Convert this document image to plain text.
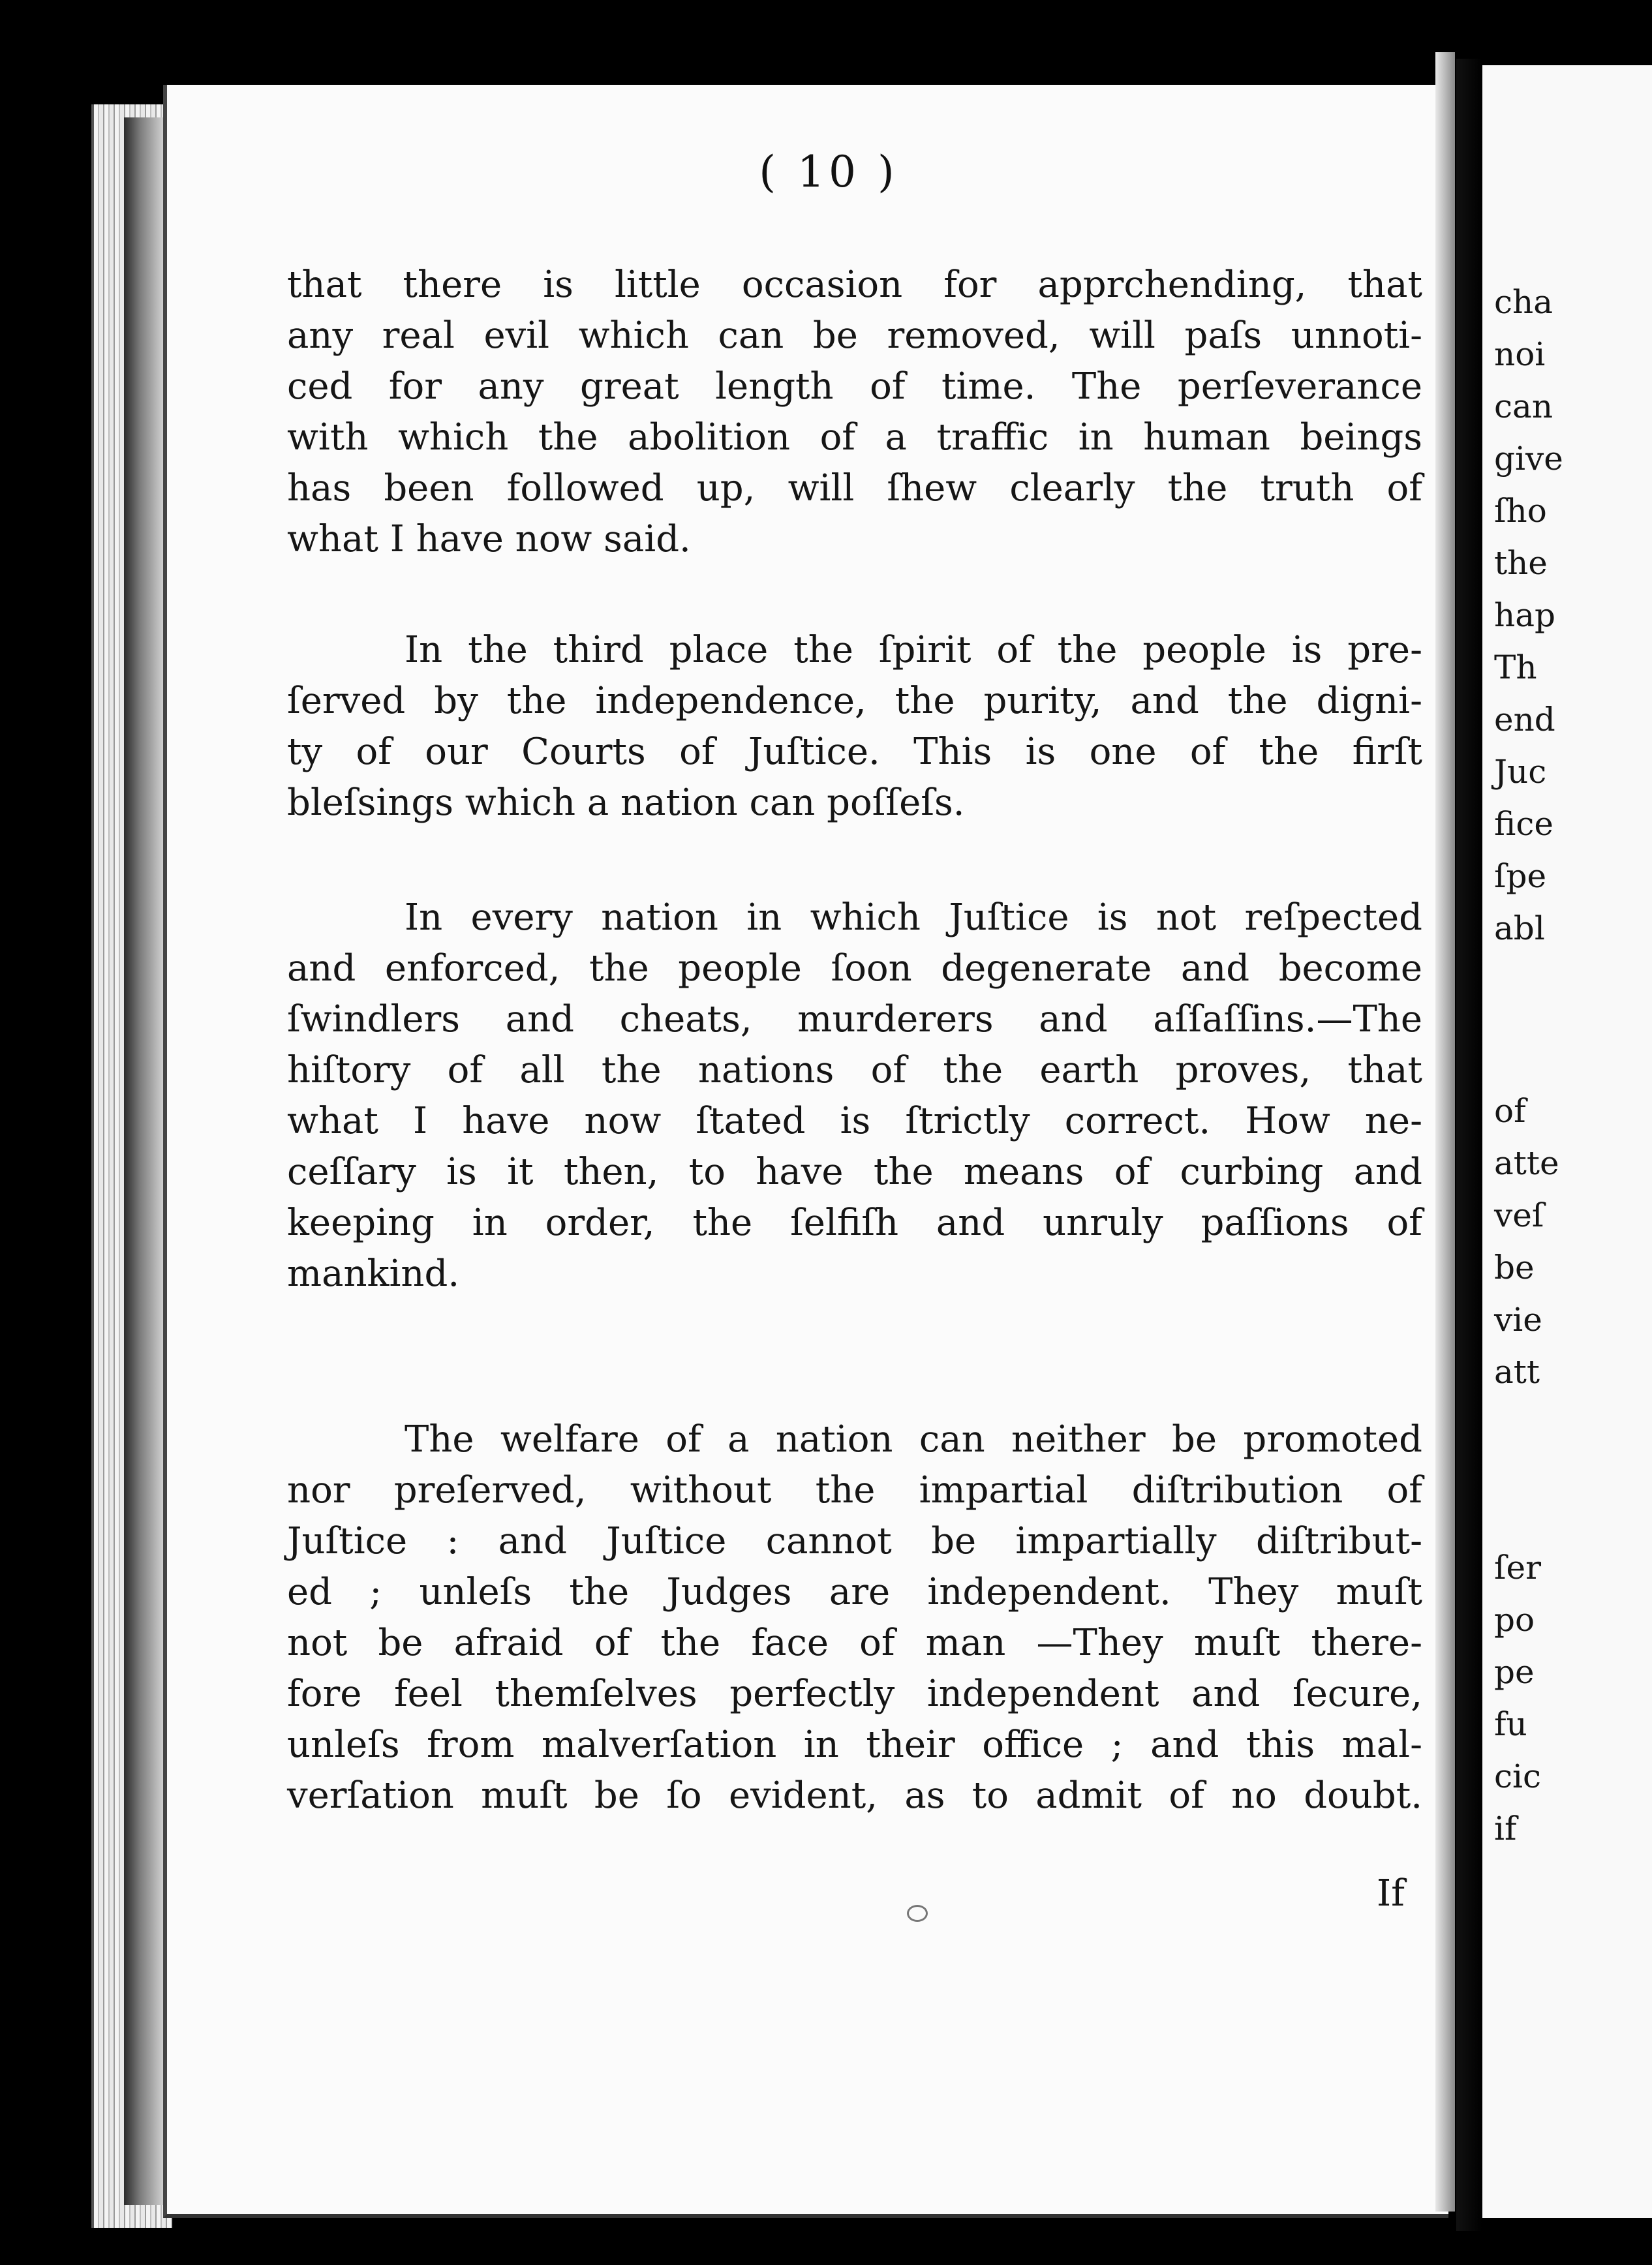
cha
noi
can
give
ſho
the
hap
Th
end
Juc
fice
ſpe
abl
of
atte
veſ
be
vie
att
ſer
po
pe
fu
cic
if
( 10 )
that there is little occasion for apprchending, that
any real evil which can be removed, will paſs unnoti-
ced for any great length of time. The perſeverance
with which the abolition of a traffic in human beings
has been followed up, will ſhew clearly the truth of
what I have now said.
In the third place the ſpirit of the people is pre-
ſerved by the independence, the purity, and the digni-
ty of our Courts of Juſtice. This is one of the firſt
bleſsings which a nation can poſſeſs.
In every nation in which Juſtice is not reſpected
and enforced, the people ſoon degenerate and become
ſwindlers and cheats, murderers and aſſaſſins.—The
hiſtory of all the nations of the earth proves, that
what I have now ſtated is ſtrictly correct. How ne-
ceſſary is it then, to have the means of curbing and
keeping in order, the ſelfiſh and unruly paſſions of
mankind.
The welfare of a nation can neither be promoted
nor preſerved, without the impartial diſtribution of
Juſtice : and Juſtice cannot be impartially diſtribut-
ed ; unleſs the Judges are independent. They muſt
not be afraid of the face of man —They muſt there-
fore feel themſelves perfectly independent and ſecure,
unleſs from malverſation in their office ; and this mal-
verſation muſt be ſo evident, as to admit of no doubt.
If
